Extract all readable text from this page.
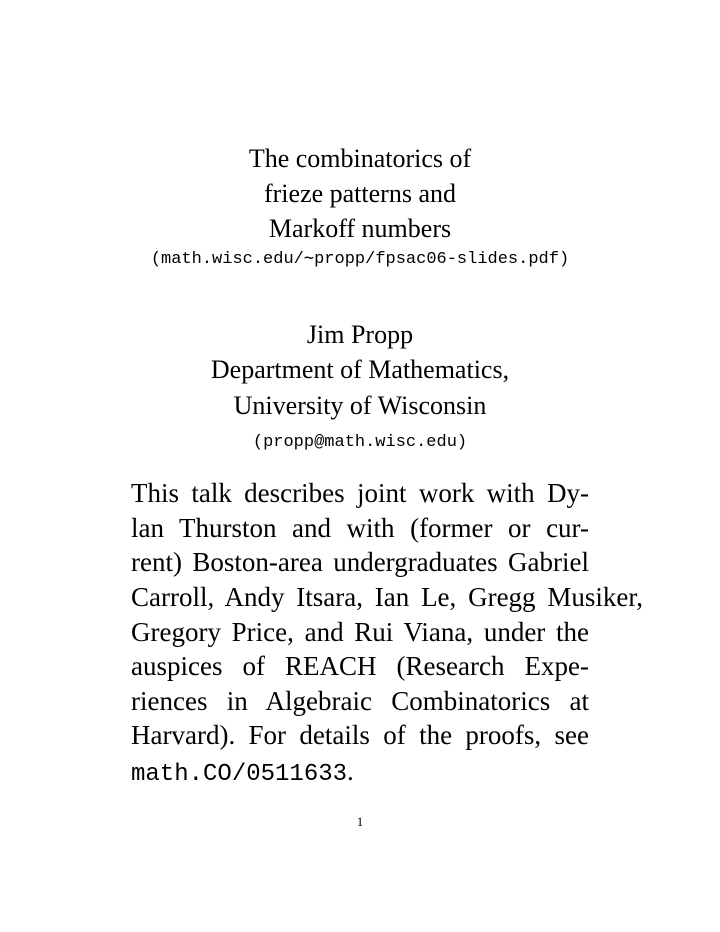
The combinatorics of
frieze patterns and
Markoff numbers
(math.wisc.edu/∼propp/fpsac06-slides.pdf)
Jim Propp
Department of Mathematics,
University of Wisconsin
(propp@math.wisc.edu)
This talk describes joint work with Dy-
lan Thurston and with (former or cur-
rent) Boston-area undergraduates Gabriel
Carroll, Andy Itsara, Ian Le, Gregg Musiker,
Gregory Price, and Rui Viana, under the
auspices of REACH (Research Expe-
riences in Algebraic Combinatorics at
Harvard). For details of the proofs, see
math.CO/0511633.
1
